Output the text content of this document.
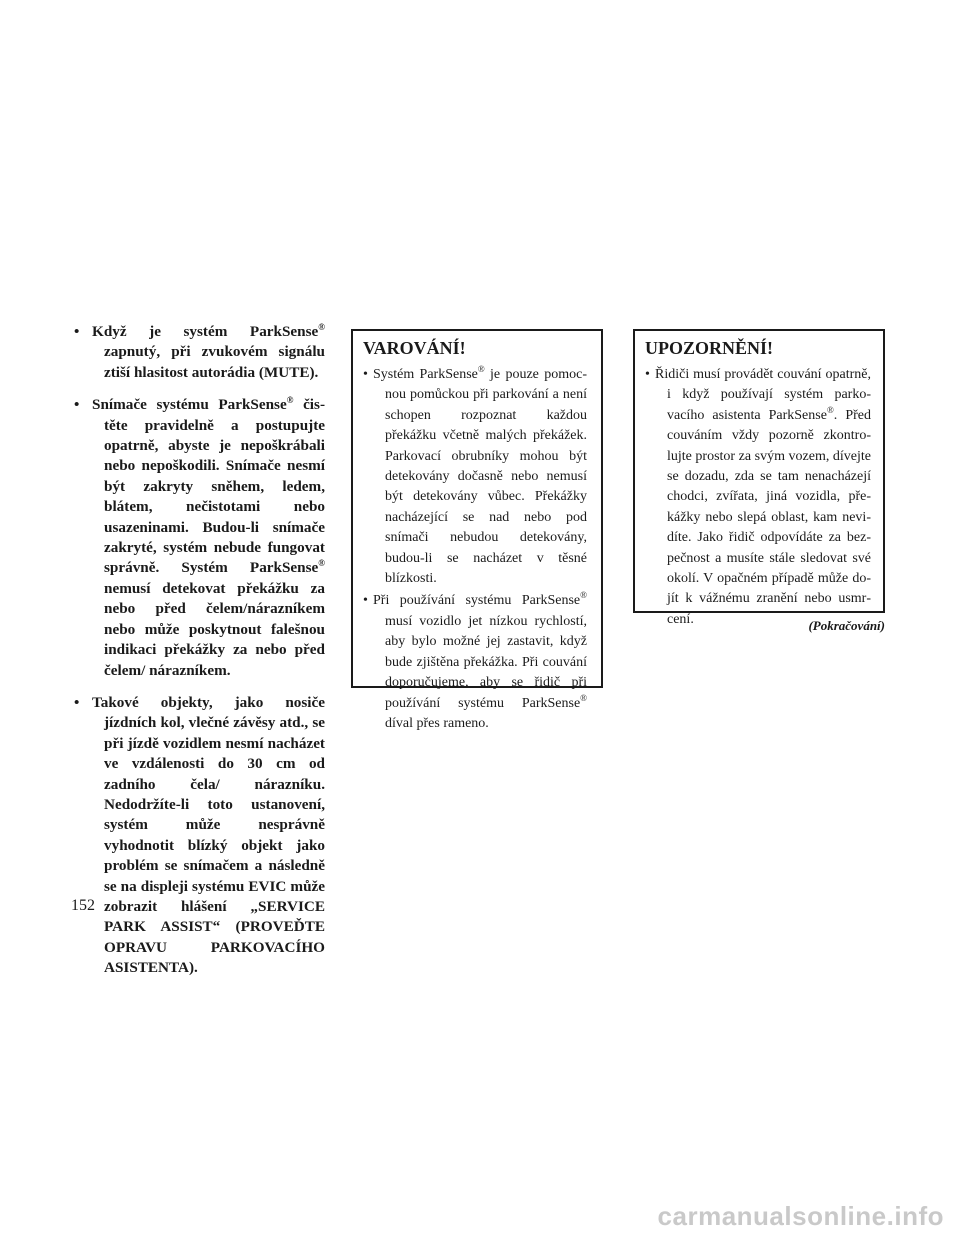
• Když je systém ParkSense® zapnutý, při zvukovém signálu ztiší hlasitost autorádia (MUTE).
• Snímače systému ParkSense® čistěte pravidelně a postupujte opatrně, abyste je nepoškrábali nebo nepoškodili. Snímače nesmí být zakryty sněhem, ledem, blátem, nečistotami nebo usazeninami. Budou-li snímače zakryté, systém nebude fungovat správně. Systém ParkSense® nemusí detekovat překážku za nebo před čelem/nárazníkem nebo může poskytnout falešnou indikaci překážky za nebo před čelem/ nárazníkem.
• Takové objekty, jako nosiče jízdních kol, vlečné závěsy atd., se při jízdě vozidlem nesmí nacházet ve vzdálenosti do 30 cm od zadního čela/ nárazníku. Nedodržíte-li toto ustanovení, systém může nesprávně vyhodnotit blízký objekt jako problém se snímačem a následně se na displeji systému EVIC může zobrazit hlášení „SERVICE PARK ASSIST“ (PROVEĎTE OPRAVU PARKOVACÍHO ASISTENTA).
VAROVÁNÍ!
• Systém ParkSense® je pouze pomocnou pomůckou při parkování a není schopen rozpoznat každou překážku včetně malých překážek. Parkovací obrubníky mohou být detekovány dočasně nebo nemusí být detekovány vůbec. Překážky nacházející se nad nebo pod snímači nebudou detekovány, budou-li se nacházet v těsné blízkosti.
• Při používání systému ParkSense® musí vozidlo jet nízkou rychlostí, aby bylo možné jej zastavit, když bude zjištěna překážka. Při couvání doporučujeme, aby se řidič při používání systému ParkSense® díval přes rameno.
UPOZORNĚNÍ!
• Řidiči musí provádět couvání opatrně, i když používají systém parkovacího asistenta ParkSense®. Před couváním vždy pozorně zkontrolujte prostor za svým vozem, dívejte se dozadu, zda se tam nenacházejí chodci, zvířata, jiná vozidla, překážky nebo slepá oblast, kam nevidíte. Jako řidič odpovídáte za bezpečnost a musíte stále sledovat své okolí. V opačném případě může dojít k vážnému zranění nebo usmrcení.	(Pokračování)
152
carmanualsonline.info
